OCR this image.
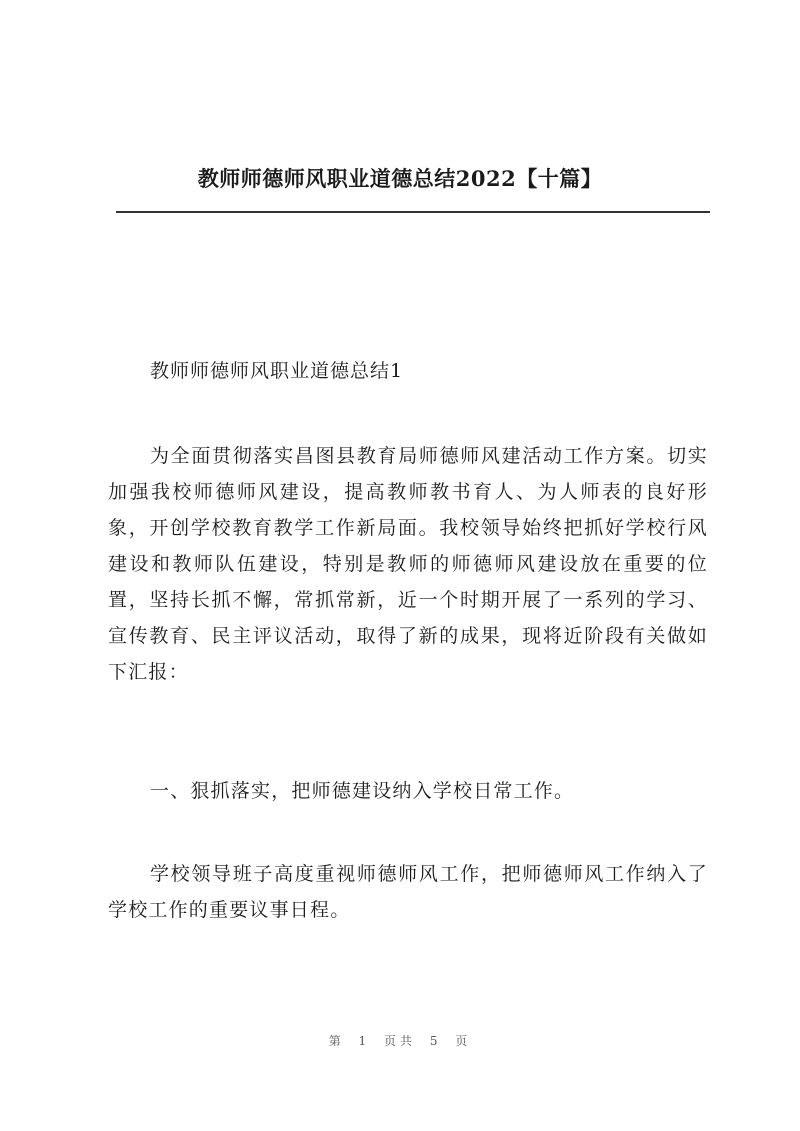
教师师德师风职业道德总结2022【十篇】

教师师德师风职业道德总结1

为全面贯彻落实昌图县教育局师德师风建活动工作方案。切实加强我校师德师风建设，提高教师教书育人、为人师表的良好形象，开创学校教育教学工作新局面。我校领导始终把抓好学校行风建设和教师队伍建设，特别是教师的师德师风建设放在重要的位置，坚持长抓不懈，常抓常新，近一个时期开展了一系列的学习、宣传教育、民主评议活动，取得了新的成果，现将近阶段有关做如下汇报：

一、狠抓落实，把师德建设纳入学校日常工作。

学校领导班子高度重视师德师风工作，把师德师风工作纳入了学校工作的重要议事日程。

第 1 页共 5 页
